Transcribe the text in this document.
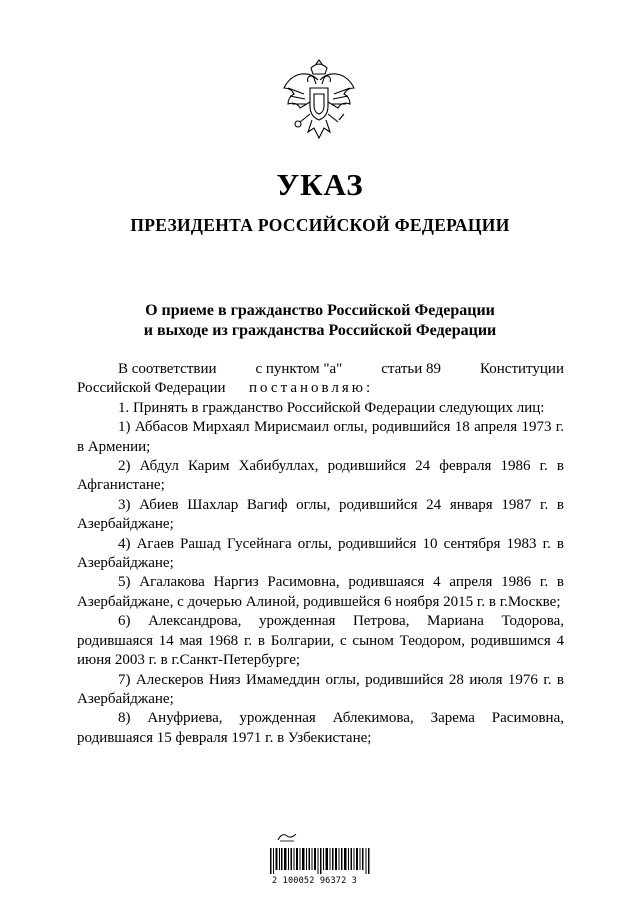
УКАЗ
ПРЕЗИДЕНТА РОССИЙСКОЙ ФЕДЕРАЦИИ
О приеме в гражданство Российской Федерации
и выходе из гражданства Российской Федерации

В соответствии	с пунктом "а"	статьи 89	Конституции

Российской Федерации постановляю:

1. Принять в гражданство Российской Федерации следующих лиц:

1) Аббасов Мирхаял Мирисмаил оглы, родившийся 18 апреля 1973 г. в Армении;

2) Абдул Карим Хабибуллах, родившийся 24 февраля 1986 г. в Афганистане;

3) Абиев Шахлар Вагиф оглы, родившийся 24 января 1987 г. в Азербайджане;

4) Агаев Рашад Гусейнага оглы, родившийся 10 сентября 1983 г. в Азербайджане;

5) Агалакова Наргиз Расимовна, родившаяся 4 апреля 1986 г. в Азербайджане, с дочерью Алиной, родившейся 6 ноября 2015 г. в г.Москве;

6) Александрова, урожденная Петрова, Мариана Тодорова, родившаяся 14 мая 1968 г. в Болгарии, с сыном Теодором, родившимся 4 июня 2003 г. в г.Санкт-Петербурге;

7) Алескеров Нияз Имамеддин оглы, родившийся 28 июля 1976 г. в Азербайджане;

8) Ануфриева, урожденная Аблекимова, Зарема Расимовна, родившаяся 15 февраля 1971 г. в Узбекистане;

2 100052 96372 3
